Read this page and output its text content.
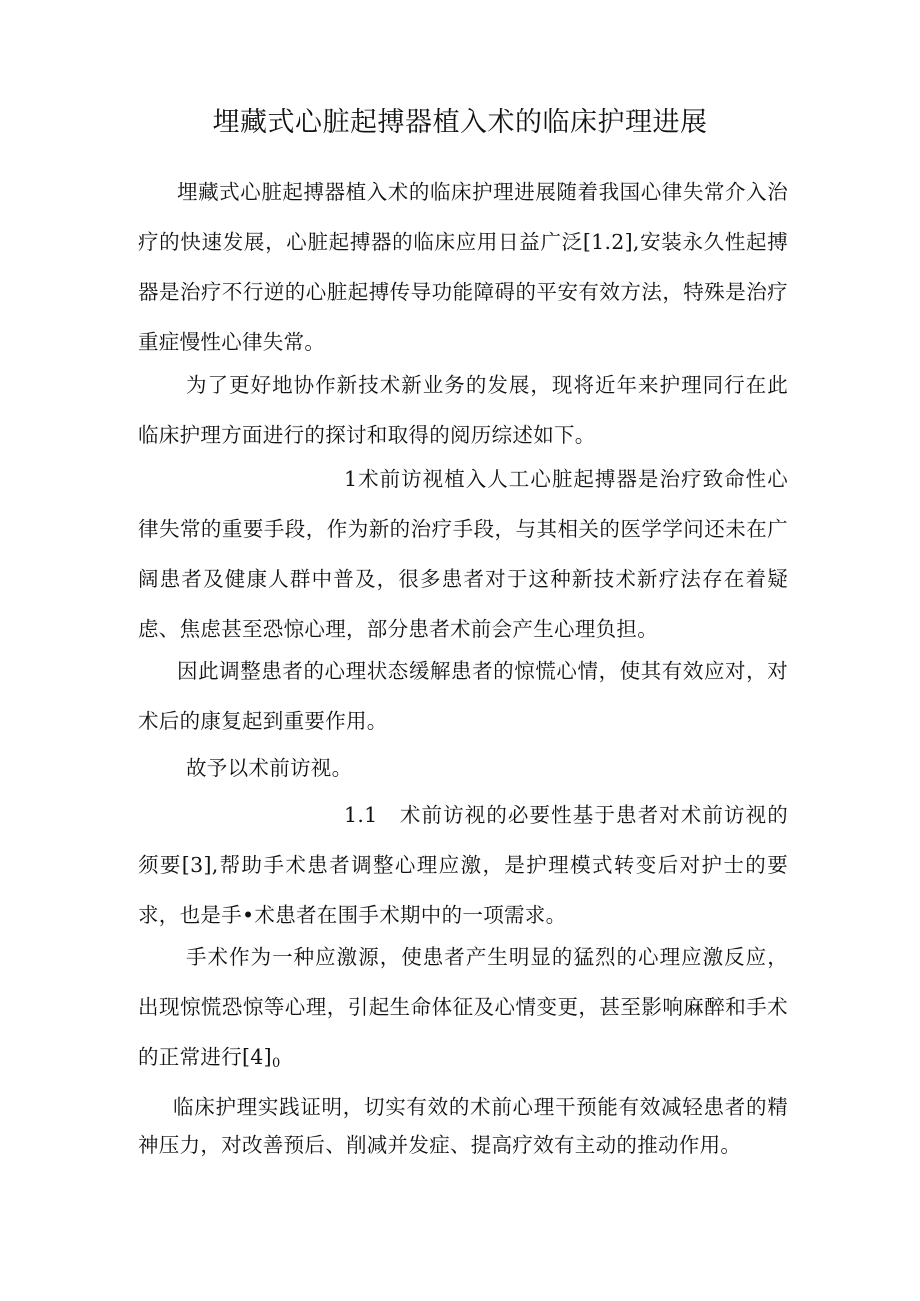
埋藏式心脏起搏器植入术的临床护理进展

埋藏式心脏起搏器植入术的临床护理进展随着我国心律失常介入治疗的快速发展，心脏起搏器的临床应用日益广泛[1.2],安装永久性起搏器是治疗不行逆的心脏起搏传导功能障碍的平安有效方法，特殊是治疗重症慢性心律失常。

为了更好地协作新技术新业务的发展，现将近年来护理同行在此临床护理方面进行的探讨和取得的阅历综述如下。

1术前访视植入人工心脏起搏器是治疗致命性心律失常的重要手段，作为新的治疗手段，与其相关的医学学问还未在广阔患者及健康人群中普及，很多患者对于这种新技术新疗法存在着疑虑、焦虑甚至恐惊心理，部分患者术前会产生心理负担。

因此调整患者的心理状态缓解患者的惊慌心情，使其有效应对，对术后的康复起到重要作用。

故予以术前访视。

1.1　术前访视的必要性基于患者对术前访视的须要[3],帮助手术患者调整心理应激，是护理模式转变后对护士的要求，也是手•术患者在围手术期中的一项需求。

手术作为一种应激源，使患者产生明显的猛烈的心理应激反应，出现惊慌恐惊等心理，引起生命体征及心情变更，甚至影响麻醉和手术的正常进行$[4]_0$

临床护理实践证明，切实有效的术前心理干预能有效减轻患者的精神压力，对改善预后、削减并发症、提高疗效有主动的推动作用。
